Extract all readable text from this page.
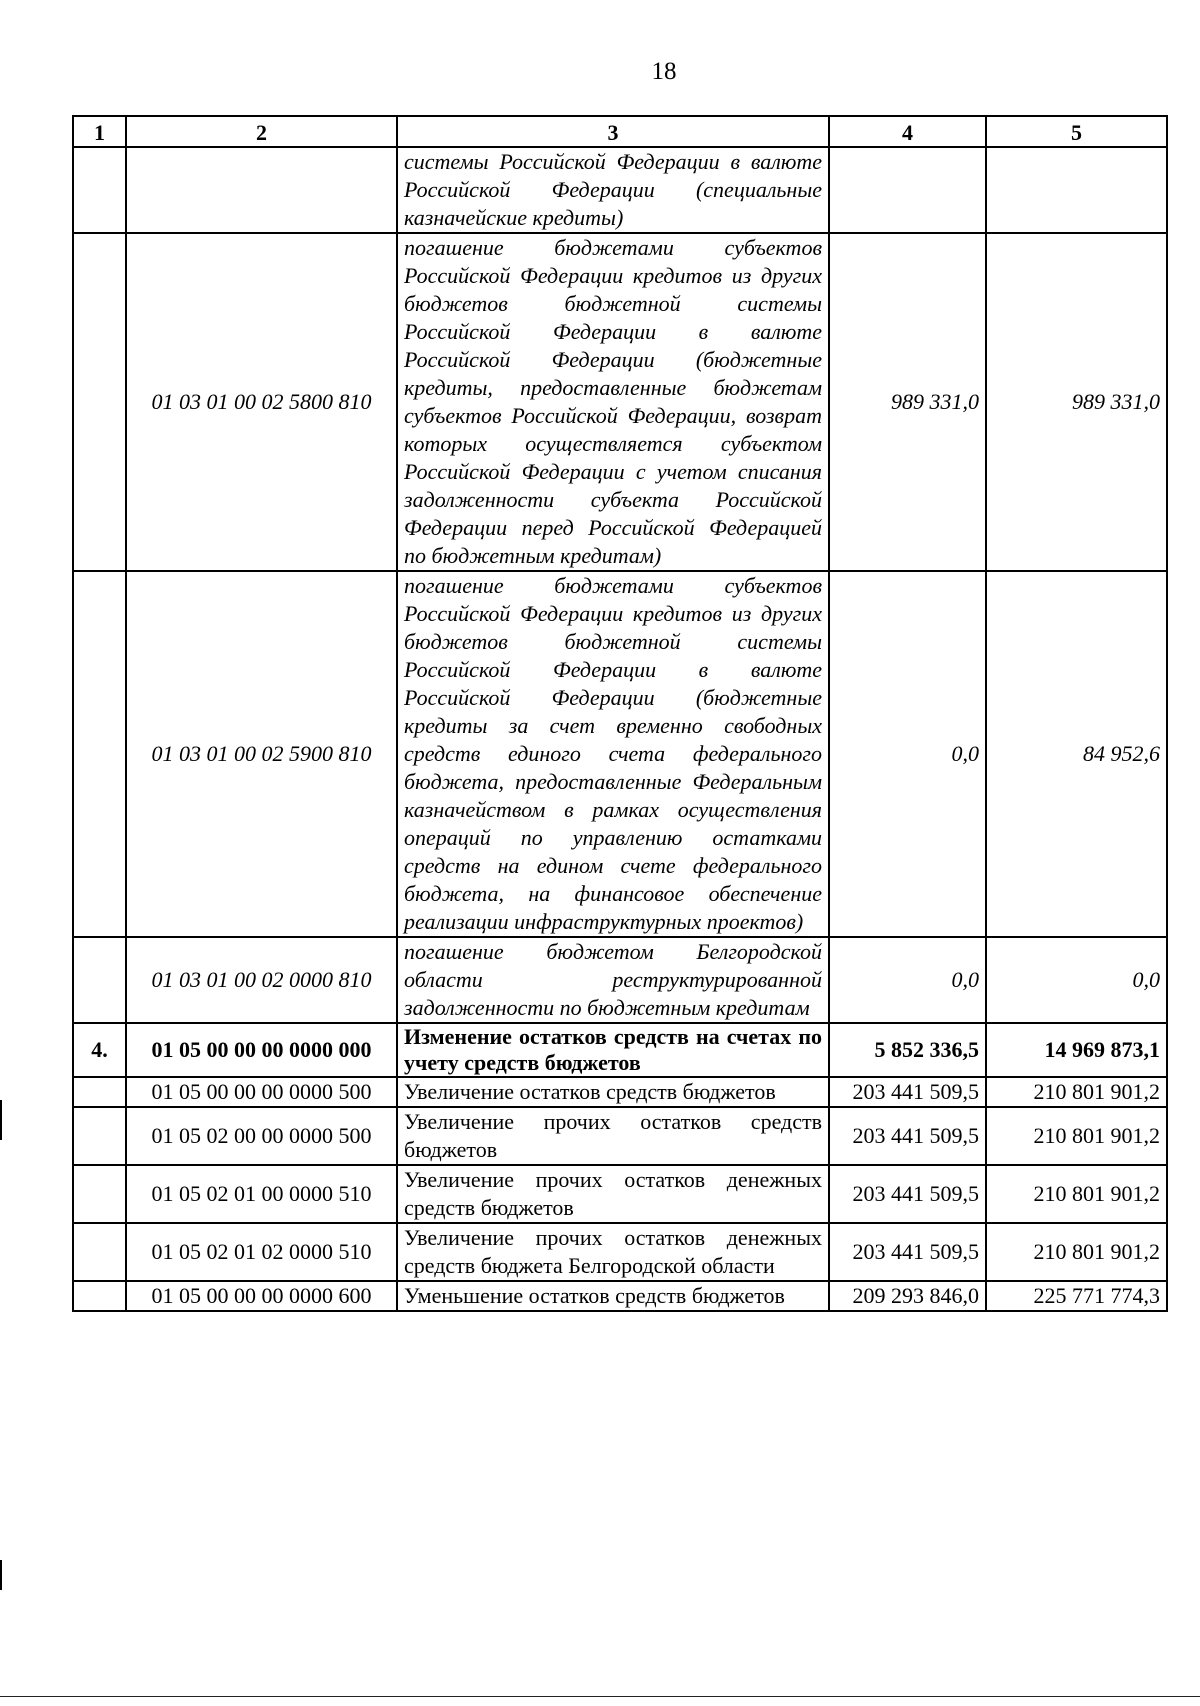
18
1	2	3	4	5
		системы Российской Федерации в валюте Российской Федерации (специальные казначейские кредиты)		
	01 03 01 00 02 5800 810	погашение бюджетами субъектов Российской Федерации кредитов из других бюджетов бюджетной системы Российской Федерации в валюте Российской Федерации (бюджетные кредиты, предоставленные бюджетам субъектов Российской Федерации, возврат которых осуществляется субъектом Российской Федерации с учетом списания задолженности субъекта Российской Федерации перед Российской Федерацией по бюджетным кредитам)	989 331,0	989 331,0
	01 03 01 00 02 5900 810	погашение бюджетами субъектов Российской Федерации кредитов из других бюджетов бюджетной системы Российской Федерации в валюте Российской Федерации (бюджетные кредиты за счет временно свободных средств единого счета федерального бюджета, предоставленные Федеральным казначейством в рамках осуществления операций по управлению остатками средств на едином счете федерального бюджета, на финансовое обеспечение реализации инфраструктурных проектов)	0,0	84 952,6
	01 03 01 00 02 0000 810	погашение бюджетом Белгородской области реструктурированной задолженности по бюджетным кредитам	0,0	0,0
4.	01 05 00 00 00 0000 000	Изменение остатков средств на счетах по учету средств бюджетов	5 852 336,5	14 969 873,1
	01 05 00 00 00 0000 500	Увеличение остатков средств бюджетов	203 441 509,5	210 801 901,2
	01 05 02 00 00 0000 500	Увеличение прочих остатков средств бюджетов	203 441 509,5	210 801 901,2
	01 05 02 01 00 0000 510	Увеличение прочих остатков денежных средств бюджетов	203 441 509,5	210 801 901,2
	01 05 02 01 02 0000 510	Увеличение прочих остатков денежных средств бюджета Белгородской области	203 441 509,5	210 801 901,2
	01 05 00 00 00 0000 600	Уменьшение остатков средств бюджетов	209 293 846,0	225 771 774,3
